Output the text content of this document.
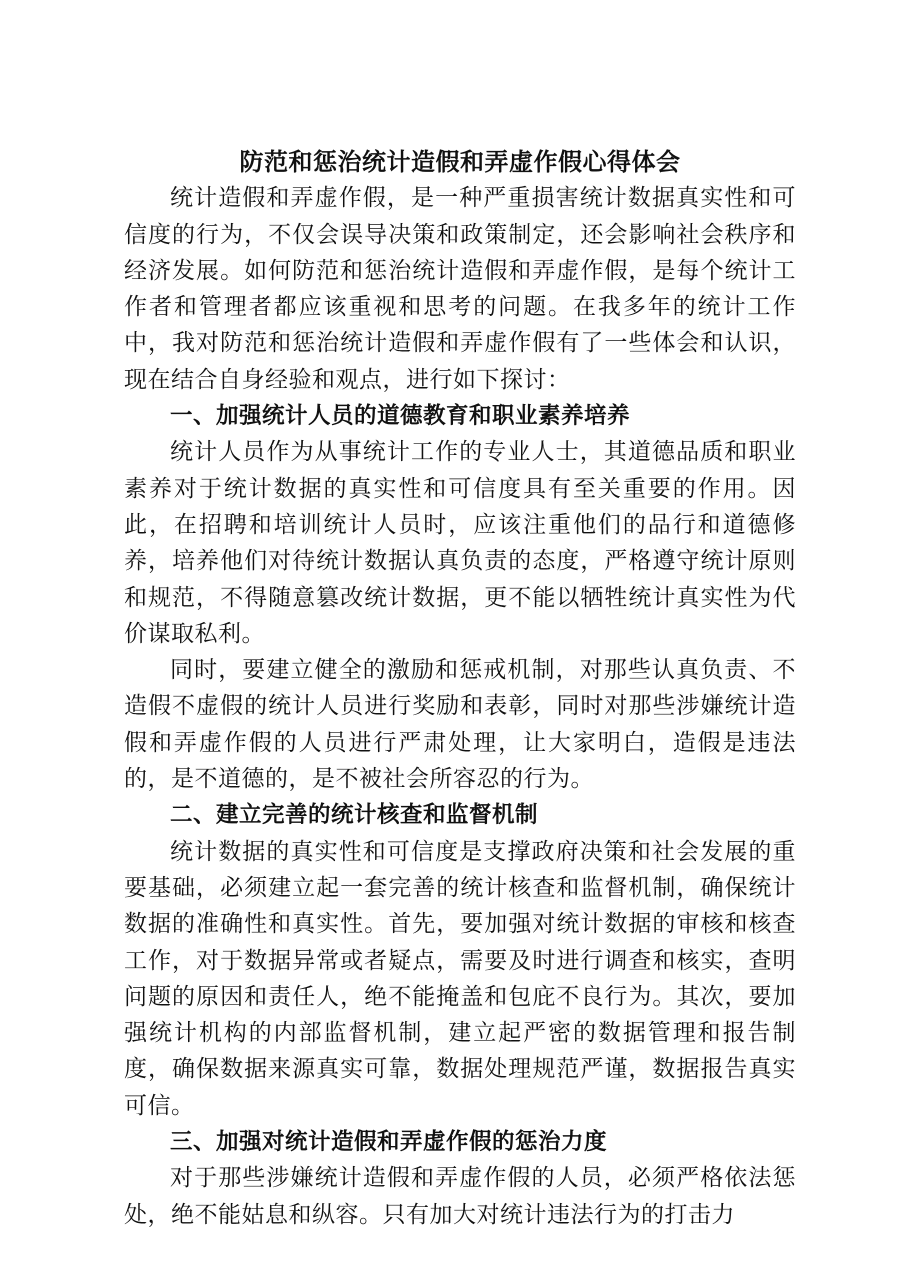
防范和惩治统计造假和弄虚作假心得体会

统计造假和弄虚作假，是一种严重损害统计数据真实性和可信度的行为，不仅会误导决策和政策制定，还会影响社会秩序和经济发展。如何防范和惩治统计造假和弄虚作假，是每个统计工作者和管理者都应该重视和思考的问题。在我多年的统计工作中，我对防范和惩治统计造假和弄虚作假有了一些体会和认识，现在结合自身经验和观点，进行如下探讨：

一、加强统计人员的道德教育和职业素养培养

统计人员作为从事统计工作的专业人士，其道德品质和职业素养对于统计数据的真实性和可信度具有至关重要的作用。因此，在招聘和培训统计人员时，应该注重他们的品行和道德修养，培养他们对待统计数据认真负责的态度，严格遵守统计原则和规范，不得随意篡改统计数据，更不能以牺牲统计真实性为代价谋取私利。

同时，要建立健全的激励和惩戒机制，对那些认真负责、不造假不虚假的统计人员进行奖励和表彰，同时对那些涉嫌统计造假和弄虚作假的人员进行严肃处理，让大家明白，造假是违法的，是不道德的，是不被社会所容忍的行为。

二、建立完善的统计核查和监督机制

统计数据的真实性和可信度是支撑政府决策和社会发展的重要基础，必须建立起一套完善的统计核查和监督机制，确保统计数据的准确性和真实性。首先，要加强对统计数据的审核和核查工作，对于数据异常或者疑点，需要及时进行调查和核实，查明问题的原因和责任人，绝不能掩盖和包庇不良行为。其次，要加强统计机构的内部监督机制，建立起严密的数据管理和报告制度，确保数据来源真实可靠，数据处理规范严谨，数据报告真实可信。

三、加强对统计造假和弄虚作假的惩治力度

对于那些涉嫌统计造假和弄虚作假的人员，必须严格依法惩处，绝不能姑息和纵容。只有加大对统计违法行为的打击力
